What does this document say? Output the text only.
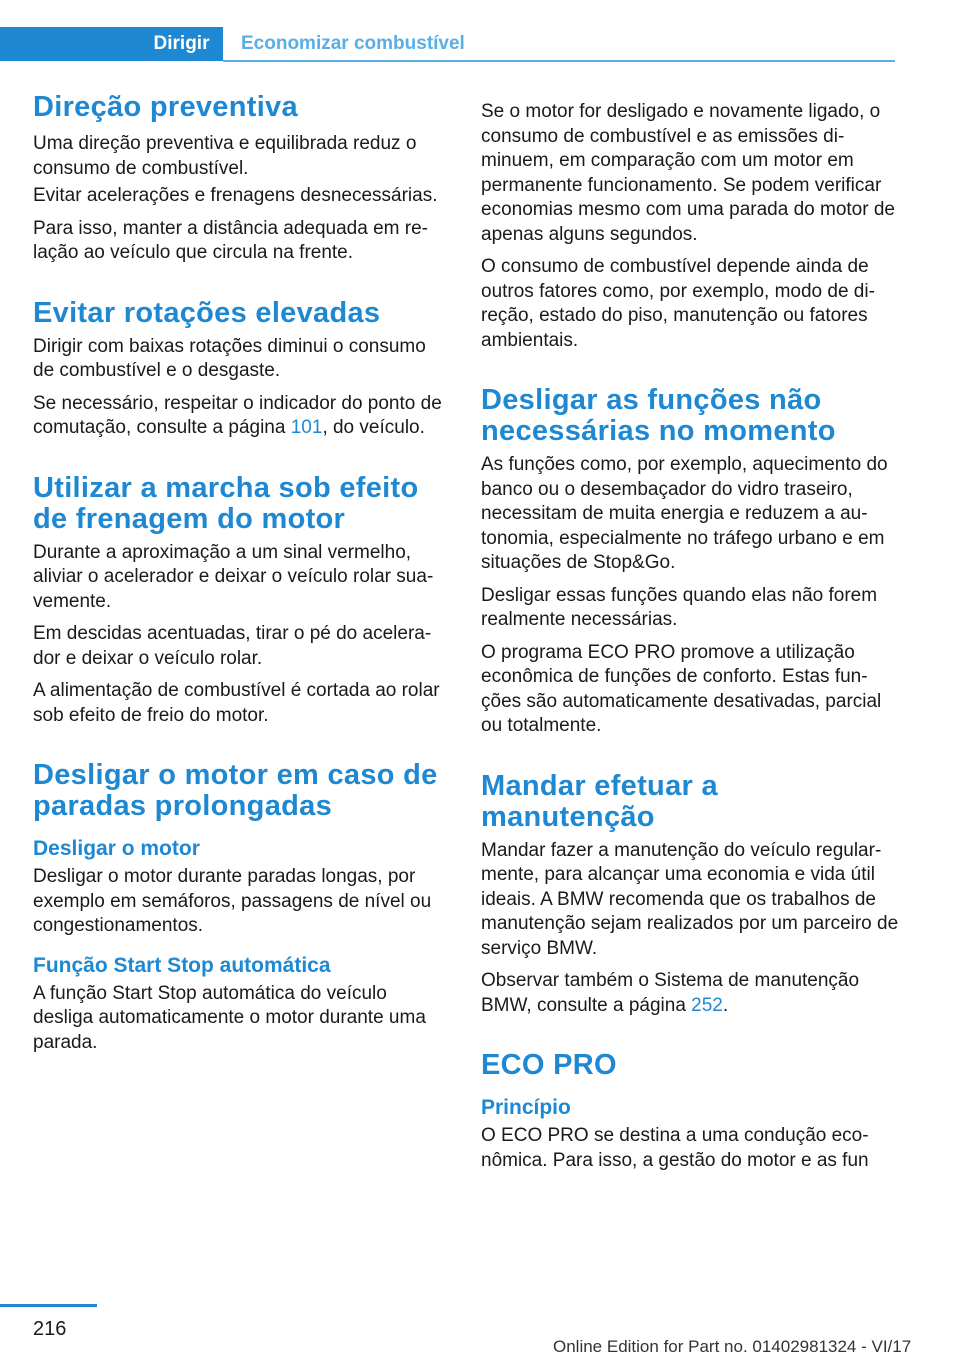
Dirigir	Economizar combustível
Direção preventiva

Uma direção preventiva e equilibrada reduz o consumo de combustível.

Evitar acelerações e frenagens desnecessárias.

Para isso, manter a distância adequada em relação ao veículo que circula na frente.

Evitar rotações elevadas

Dirigir com baixas rotações diminui o consumo de combustível e o desgaste.

Se necessário, respeitar o indicador do ponto de comutação, consulte a página 101, do veículo.

Utilizar a marcha sob efeito de frenagem do motor

Durante a aproximação a um sinal vermelho, aliviar o acelerador e deixar o veículo rolar suavemente.

Em descidas acentuadas, tirar o pé do acelerador e deixar o veículo rolar.

A alimentação de combustível é cortada ao rolar sob efeito de freio do motor.

Desligar o motor em caso de paradas prolongadas
Desligar o motor

Desligar o motor durante paradas longas, por exemplo em semáforos, passagens de nível ou congestionamentos.

Função Start Stop automática

A função Start Stop automática do veículo desliga automaticamente o motor durante uma parada.

Se o motor for desligado e novamente ligado, o consumo de combustível e as emissões diminuem, em comparação com um motor em permanente funcionamento. Se podem verificar economias mesmo com uma parada do motor de apenas alguns segundos.

O consumo de combustível depende ainda de outros fatores como, por exemplo, modo de direção, estado do piso, manutenção ou fatores ambientais.

Desligar as funções não necessárias no momento

As funções como, por exemplo, aquecimento do banco ou o desembaçador do vidro traseiro, necessitam de muita energia e reduzem a autonomia, especialmente no tráfego urbano e em situações de Stop&Go.

Desligar essas funções quando elas não forem realmente necessárias.

O programa ECO PRO promove a utilização econômica de funções de conforto. Estas funções são automaticamente desativadas, parcial ou totalmente.

Mandar efetuar a manutenção

Mandar fazer a manutenção do veículo regularmente, para alcançar uma economia e vida útil ideais. A BMW recomenda que os trabalhos de manutenção sejam realizados por um parceiro de serviço BMW.

Observar também o Sistema de manutenção BMW, consulte a página 252.

ECO PRO
Princípio

O ECO PRO se destina a uma condução econômica. Para isso, a gestão do motor e as fun

216
Online Edition for Part no. 01402981324 - VI/17
